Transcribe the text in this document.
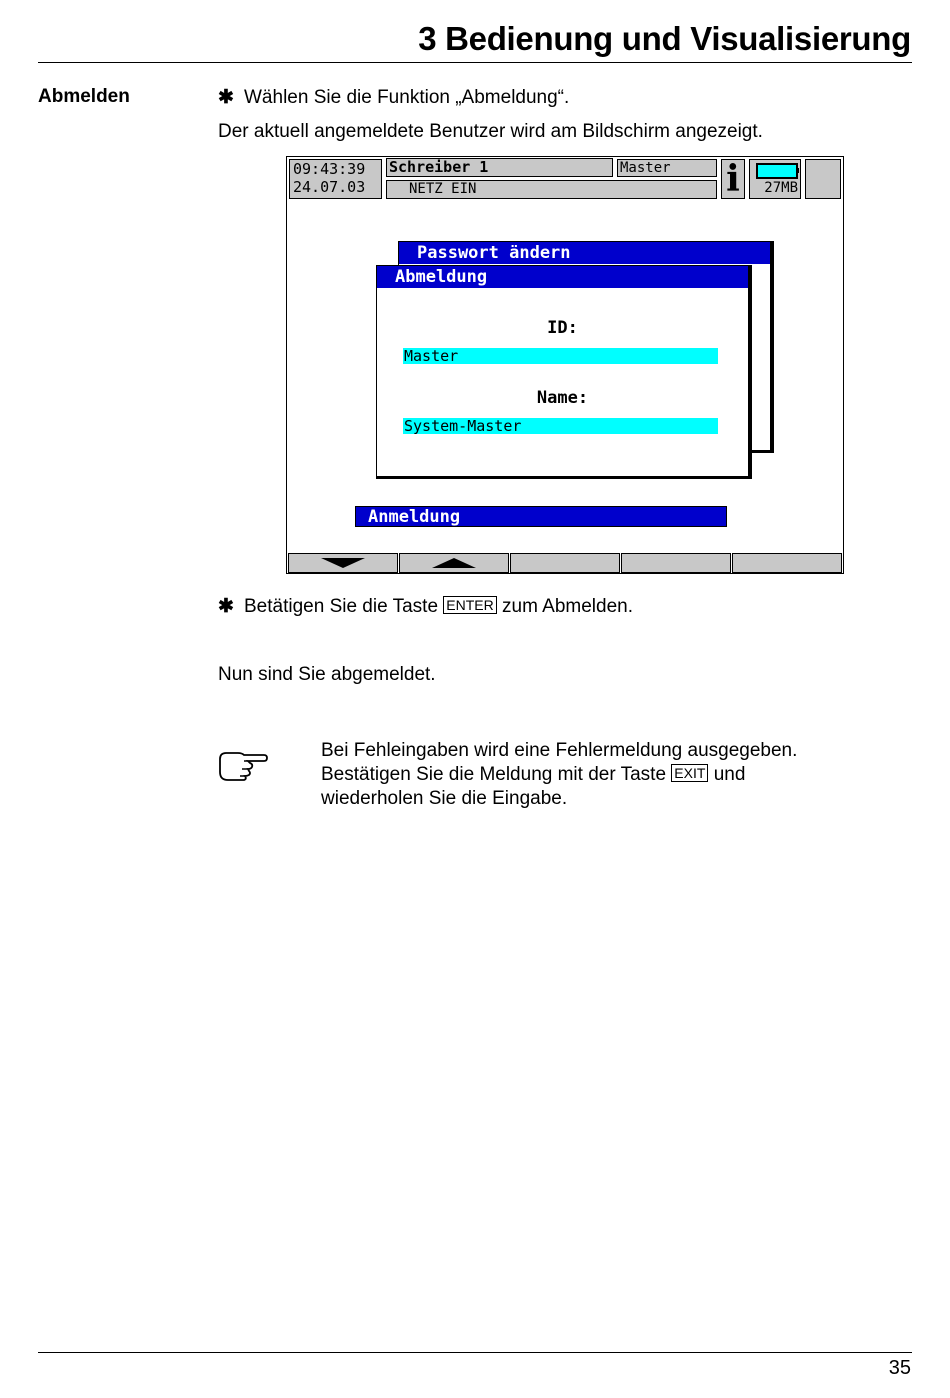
3 Bedienung und Visualisierung
Abmelden	✱ Wählen Sie die Funktion „Abmeldung“.
Der aktuell angemeldete Benutzer wird am Bildschirm angezeigt.
09:43:39
24.07.03
Schreiber 1	Master
NETZ EIN	i	27MB
Passwort ändern
Abmeldung
ID:
Master
Name:
System-Master
Anmeldung
✱ Betätigen Sie die Taste ENTER zum Abmelden.
Nun sind Sie abgemeldet.
Bei Fehleingaben wird eine Fehlermeldung ausgegeben.
Bestätigen Sie die Meldung mit der Taste EXIT und
wiederholen Sie die Eingabe.
35
